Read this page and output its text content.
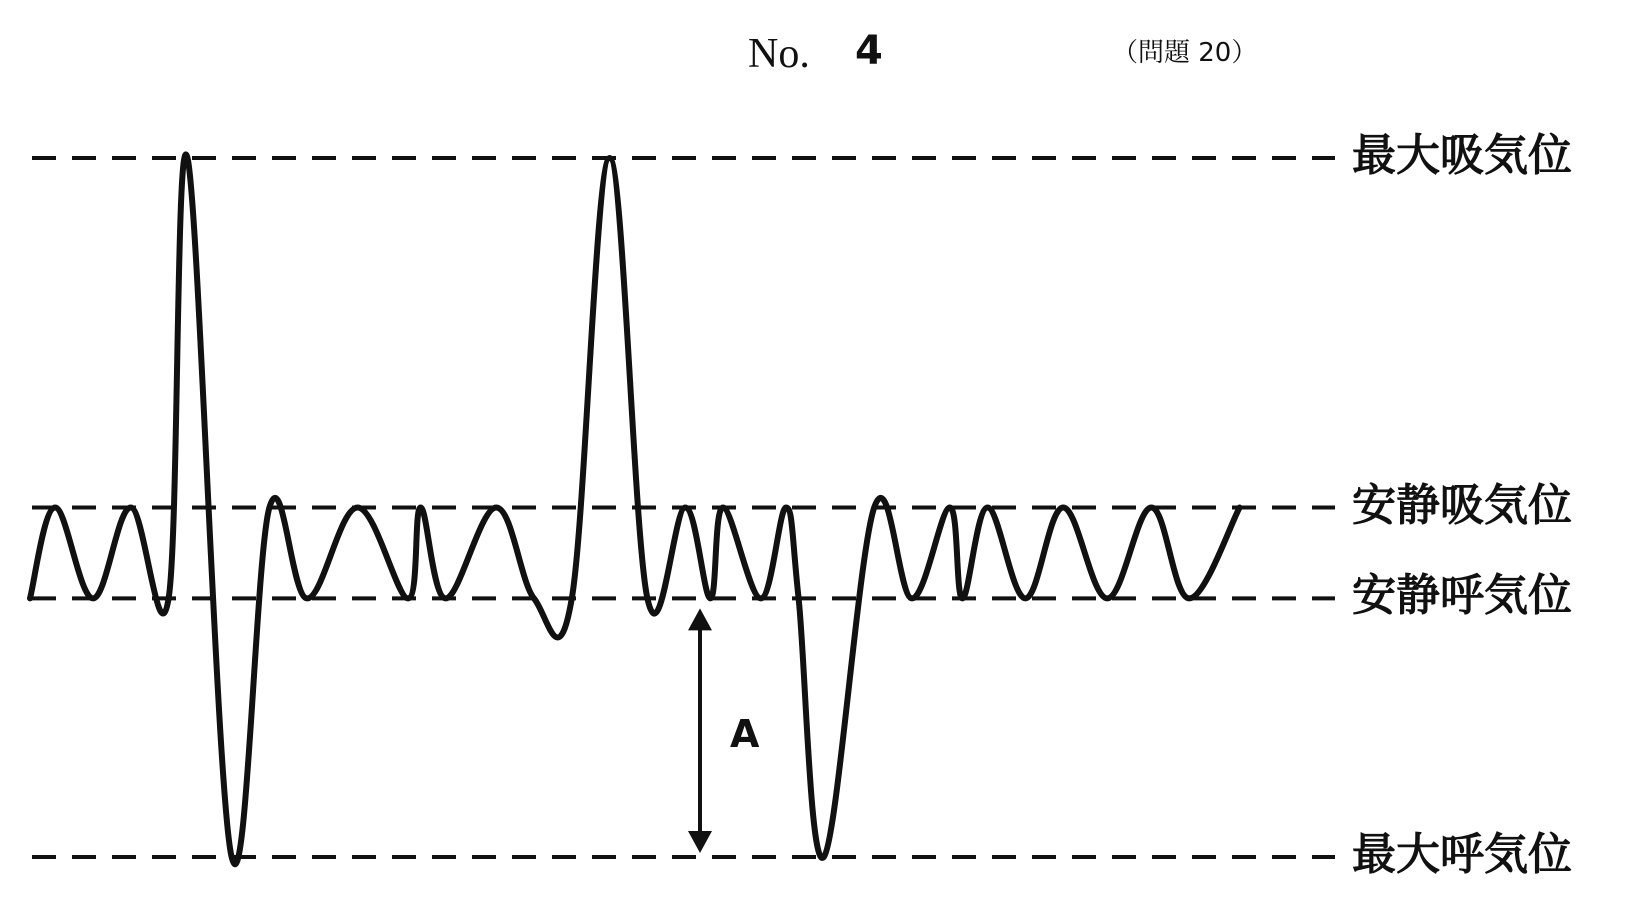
No. 4	（問題 20）
最大吸気位
安静吸気位
安静呼気位
最大呼気位
A
